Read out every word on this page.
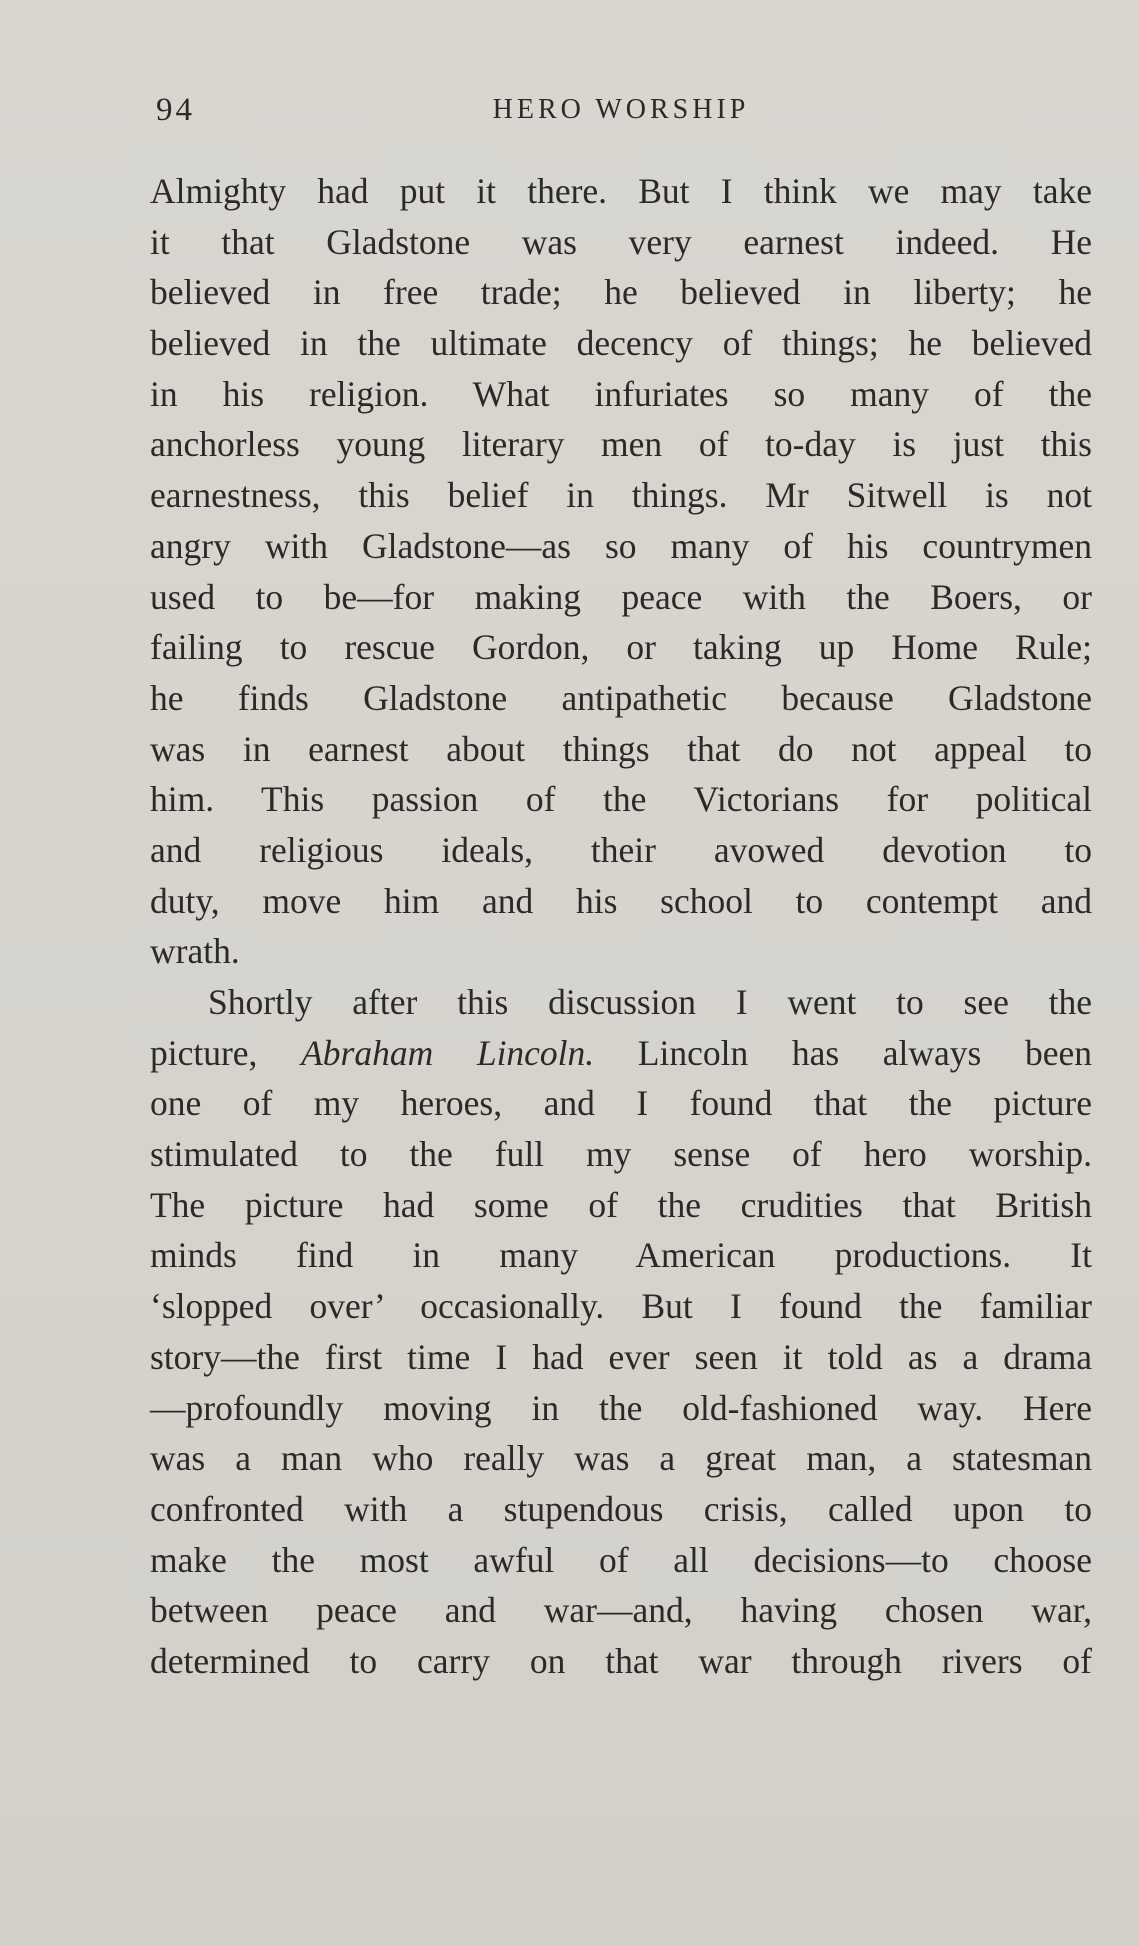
94	HERO WORSHIP
Almighty had put it there. But I think we may take
it that Gladstone was very earnest indeed. He
believed in free trade; he believed in liberty; he
believed in the ultimate decency of things; he believed
in his religion. What infuriates so many of the
anchorless young literary men of to-day is just this
earnestness, this belief in things. Mr Sitwell is not
angry with Gladstone—as so many of his countrymen
used to be—for making peace with the Boers, or
failing to rescue Gordon, or taking up Home Rule;
he finds Gladstone antipathetic because Gladstone
was in earnest about things that do not appeal to
him. This passion of the Victorians for political
and religious ideals, their avowed devotion to
duty, move him and his school to contempt and
wrath.
Shortly after this discussion I went to see the
picture, Abraham Lincoln. Lincoln has always been
one of my heroes, and I found that the picture
stimulated to the full my sense of hero worship.
The picture had some of the crudities that British
minds find in many American productions. It
‘slopped over’ occasionally. But I found the familiar
story—the first time I had ever seen it told as a drama
—profoundly moving in the old-fashioned way. Here
was a man who really was a great man, a statesman
confronted with a stupendous crisis, called upon to
make the most awful of all decisions—to choose
between peace and war—and, having chosen war,
determined to carry on that war through rivers of
